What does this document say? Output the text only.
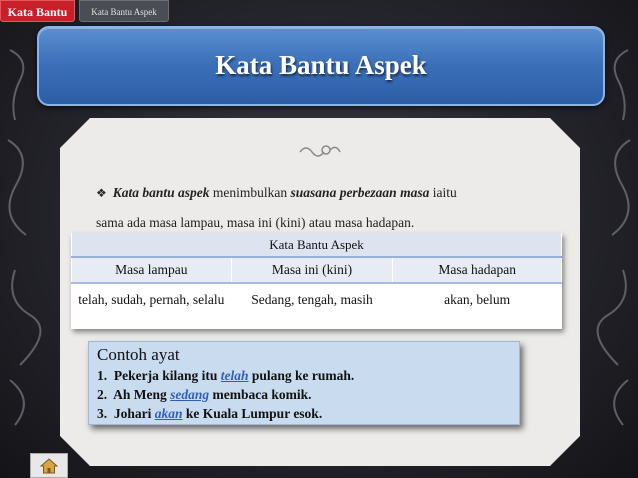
Kata Bantu	Kata Bantu Aspek
Kata Bantu Aspek
❖ Kata bantu aspek menimbulkan suasana perbezaan masa iaitu
sama ada masa lampau, masa ini (kini) atau masa hadapan.
Kata Bantu Aspek		
Masa lampau	Masa ini (kini)	Masa hadapan
telah, sudah, pernah, selalu	Sedang, tengah, masih	akan, belum
Contoh ayat
1. Pekerja kilang itu telah pulang ke rumah.
2. Ah Meng sedang membaca komik.
3. Johari akan ke Kuala Lumpur esok.
